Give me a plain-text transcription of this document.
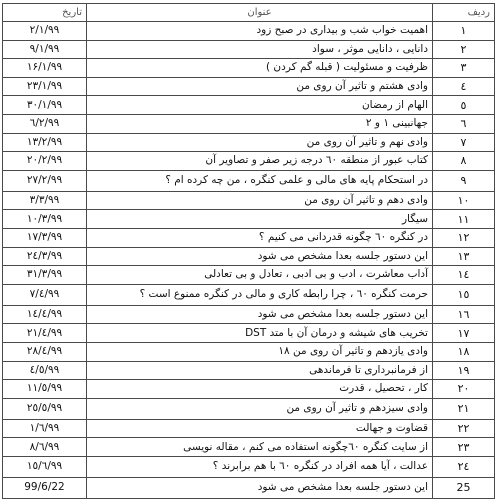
ردیف	عنوان	تاریخ
۱	اهمیت خواب شب و بیداری در صبح زود	۲/۱/۹۹
۲	دانایی ، دانایی موثر ، سواد	۹/۱/۹۹
۳	ظرفیت و مسئولیت ( قبله گم کردن )	۱۶/۱/۹۹
٤	وادی هشتم و تاثیر آن روی من	۲۳/۱/۹۹
٥	الهام از رمضان	۳۰/۱/۹۹
٦	جهانبینی ۱ و ۲	٦/۲/۹۹
۷	وادی نهم و تاثیر آن روی من	۱۳/۲/۹۹
۸	کتاب عبور از منطقه ٦۰ درجه زیر صفر و تصاویر آن	۲۰/۲/۹۹
۹	در استحکام پایه های مالی و علمی کنگره ، من چه کرده ام ؟	۲۷/۲/۹۹
۱۰	وادی دهم و تاثیر آن روی من	۳/۳/۹۹
۱۱	سیگار	۱۰/۳/۹۹
۱۲	در کنگره ٦۰ چگونه قدردانی می کنیم ؟	۱۷/۳/۹۹
۱۳	این دستور جلسه بعدا مشخص می شود	۲٤/۳/۹۹
۱٤	آداب معاشرت ، ادب و بی ادبی ، تعادل و بی تعادلی	۳۱/۳/۹۹
۱٥	حرمت کنگره ٦۰ ، چرا رابطه کاری و مالی در کنگره ممنوع است ؟	۷/٤/۹۹
۱٦	این دستور جلسه بعدا مشخص می شود	۱٤/٤/۹۹
۱۷	تخریب های شیشه و درمان آن با متد DST	۲۱/٤/۹۹
۱۸	وادی یازدهم و تاثیر آن روی من ۱۸	۲۸/٤/۹۹
۱۹	از فرمانبرداری تا فرماندهی	٤/٥/۹۹
۲۰	کار ، تحصیل ، قدرت	۱۱/٥/۹۹
۲۱	وادی سیزدهم و تاثیر آن روی من	۲٥/٥/۹۹
۲۲	قضاوت و جهالت	۱/٦/۹۹
۲۳	از سایت کنگره ٦۰چگونه استفاده می کنم ، مقاله نویسی	۸/٦/۹۹
۲٤	عدالت ، آیا همه افراد در کنگره ٦۰ با هم برابرند ؟	۱٥/٦/۹۹
25	این دستور جلسه بعدا مشخص می شود	99/6/22
